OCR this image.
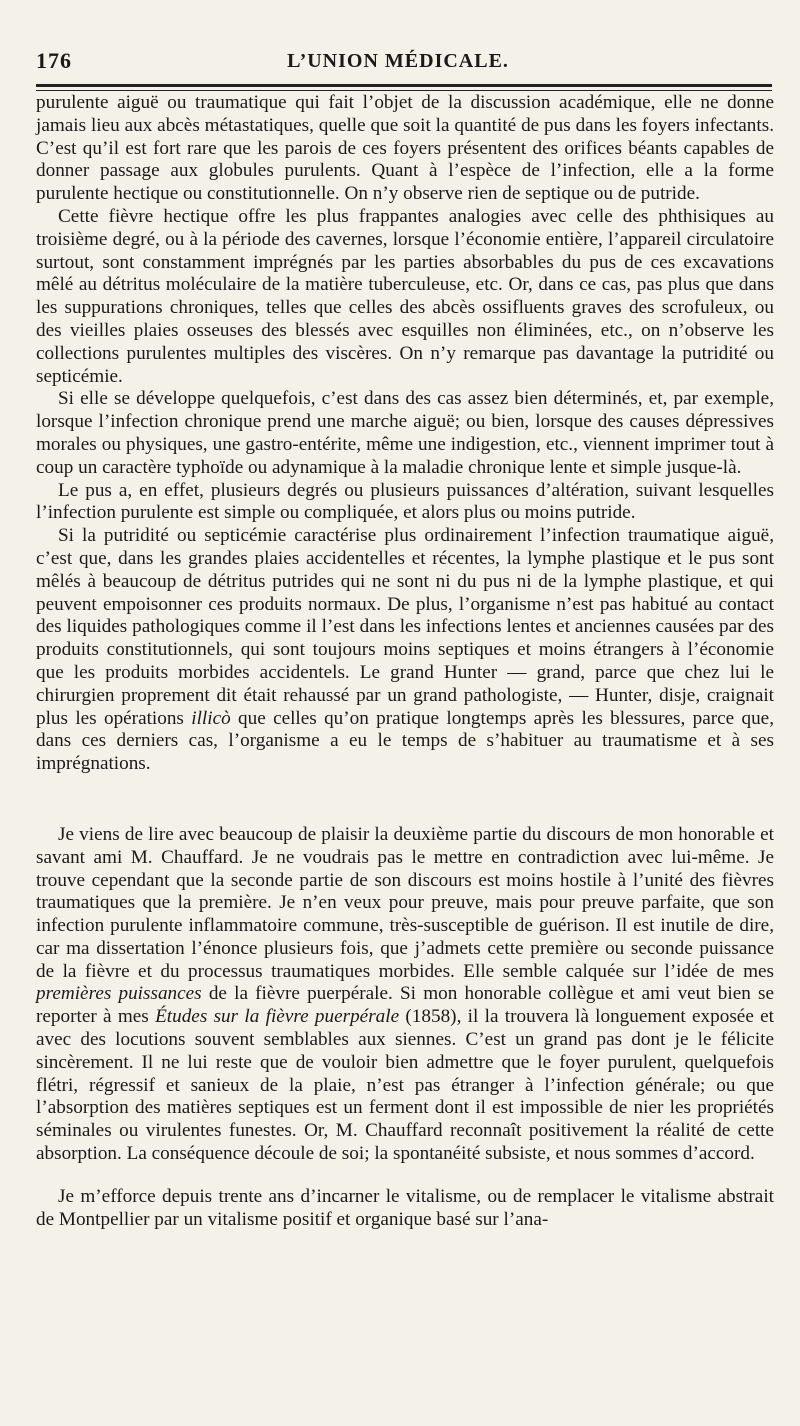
176	L’UNION MÉDICALE.

purulente aiguë ou traumatique qui fait l’objet de la discussion académique, elle ne donne jamais lieu aux abcès métastatiques, quelle que soit la quantité de pus dans les foyers infectants. C’est qu’il est fort rare que les parois de ces foyers présentent des orifices béants capables de donner passage aux globules purulents. Quant à l’espèce de l’infection, elle a la forme purulente hectique ou constitutionnelle. On n’y observe rien de septique ou de putride.

Cette fièvre hectique offre les plus frappantes analogies avec celle des phthisiques au troisième degré, ou à la période des cavernes, lorsque l’économie entière, l’appareil circulatoire surtout, sont constamment imprégnés par les parties absorbables du pus de ces excavations mêlé au détritus moléculaire de la matière tuberculeuse, etc. Or, dans ce cas, pas plus que dans les suppurations chroniques, telles que celles des abcès ossifluents graves des scrofuleux, ou des vieilles plaies osseuses des blessés avec esquilles non éliminées, etc., on n’observe les collections purulentes multiples des viscères. On n’y remarque pas davantage la putridité ou septicémie.

Si elle se développe quelquefois, c’est dans des cas assez bien déterminés, et, par exemple, lorsque l’infection chronique prend une marche aiguë; ou bien, lorsque des causes dépressives morales ou physiques, une gastro-entérite, même une indigestion, etc., viennent imprimer tout à coup un caractère typhoïde ou adynamique à la maladie chronique lente et simple jusque-là.

Le pus a, en effet, plusieurs degrés ou plusieurs puissances d’altération, suivant lesquelles l’infection purulente est simple ou compliquée, et alors plus ou moins putride.

Si la putridité ou septicémie caractérise plus ordinairement l’infection traumatique aiguë, c’est que, dans les grandes plaies accidentelles et récentes, la lymphe plastique et le pus sont mêlés à beaucoup de détritus putrides qui ne sont ni du pus ni de la lymphe plastique, et qui peuvent empoisonner ces produits normaux. De plus, l’organisme n’est pas habitué au contact des liquides pathologiques comme il l’est dans les infections lentes et anciennes causées par des produits constitutionnels, qui sont toujours moins septiques et moins étrangers à l’économie que les produits morbides accidentels. Le grand Hunter — grand, parce que chez lui le chirurgien proprement dit était rehaussé par un grand pathologiste, — Hunter, disje, craignait plus les opérations illicò que celles qu’on pratique longtemps après les blessures, parce que, dans ces derniers cas, l’organisme a eu le temps de s’habituer au traumatisme et à ses imprégnations.

Je viens de lire avec beaucoup de plaisir la deuxième partie du discours de mon honorable et savant ami M. Chauffard. Je ne voudrais pas le mettre en contradiction avec lui-même. Je trouve cependant que la seconde partie de son discours est moins hostile à l’unité des fièvres traumatiques que la première. Je n’en veux pour preuve, mais pour preuve parfaite, que son infection purulente inflammatoire commune, très-susceptible de guérison. Il est inutile de dire, car ma dissertation l’énonce plusieurs fois, que j’admets cette première ou seconde puissance de la fièvre et du processus traumatiques morbides. Elle semble calquée sur l’idée de mes premières puissances de la fièvre puerpérale. Si mon honorable collègue et ami veut bien se reporter à mes Études sur la fièvre puerpérale (1858), il la trouvera là longuement exposée et avec des locutions souvent semblables aux siennes. C’est un grand pas dont je le félicite sincèrement. Il ne lui reste que de vouloir bien admettre que le foyer purulent, quelquefois flétri, régressif et sanieux de la plaie, n’est pas étranger à l’infection générale; ou que l’absorption des matières septiques est un ferment dont il est impossible de nier les propriétés séminales ou virulentes funestes. Or, M. Chauffard reconnaît positivement la réalité de cette absorption. La conséquence découle de soi; la spontanéité subsiste, et nous sommes d’accord.

Je m’efforce depuis trente ans d’incarner le vitalisme, ou de remplacer le vitalisme abstrait de Montpellier par un vitalisme positif et organique basé sur l’ana-
